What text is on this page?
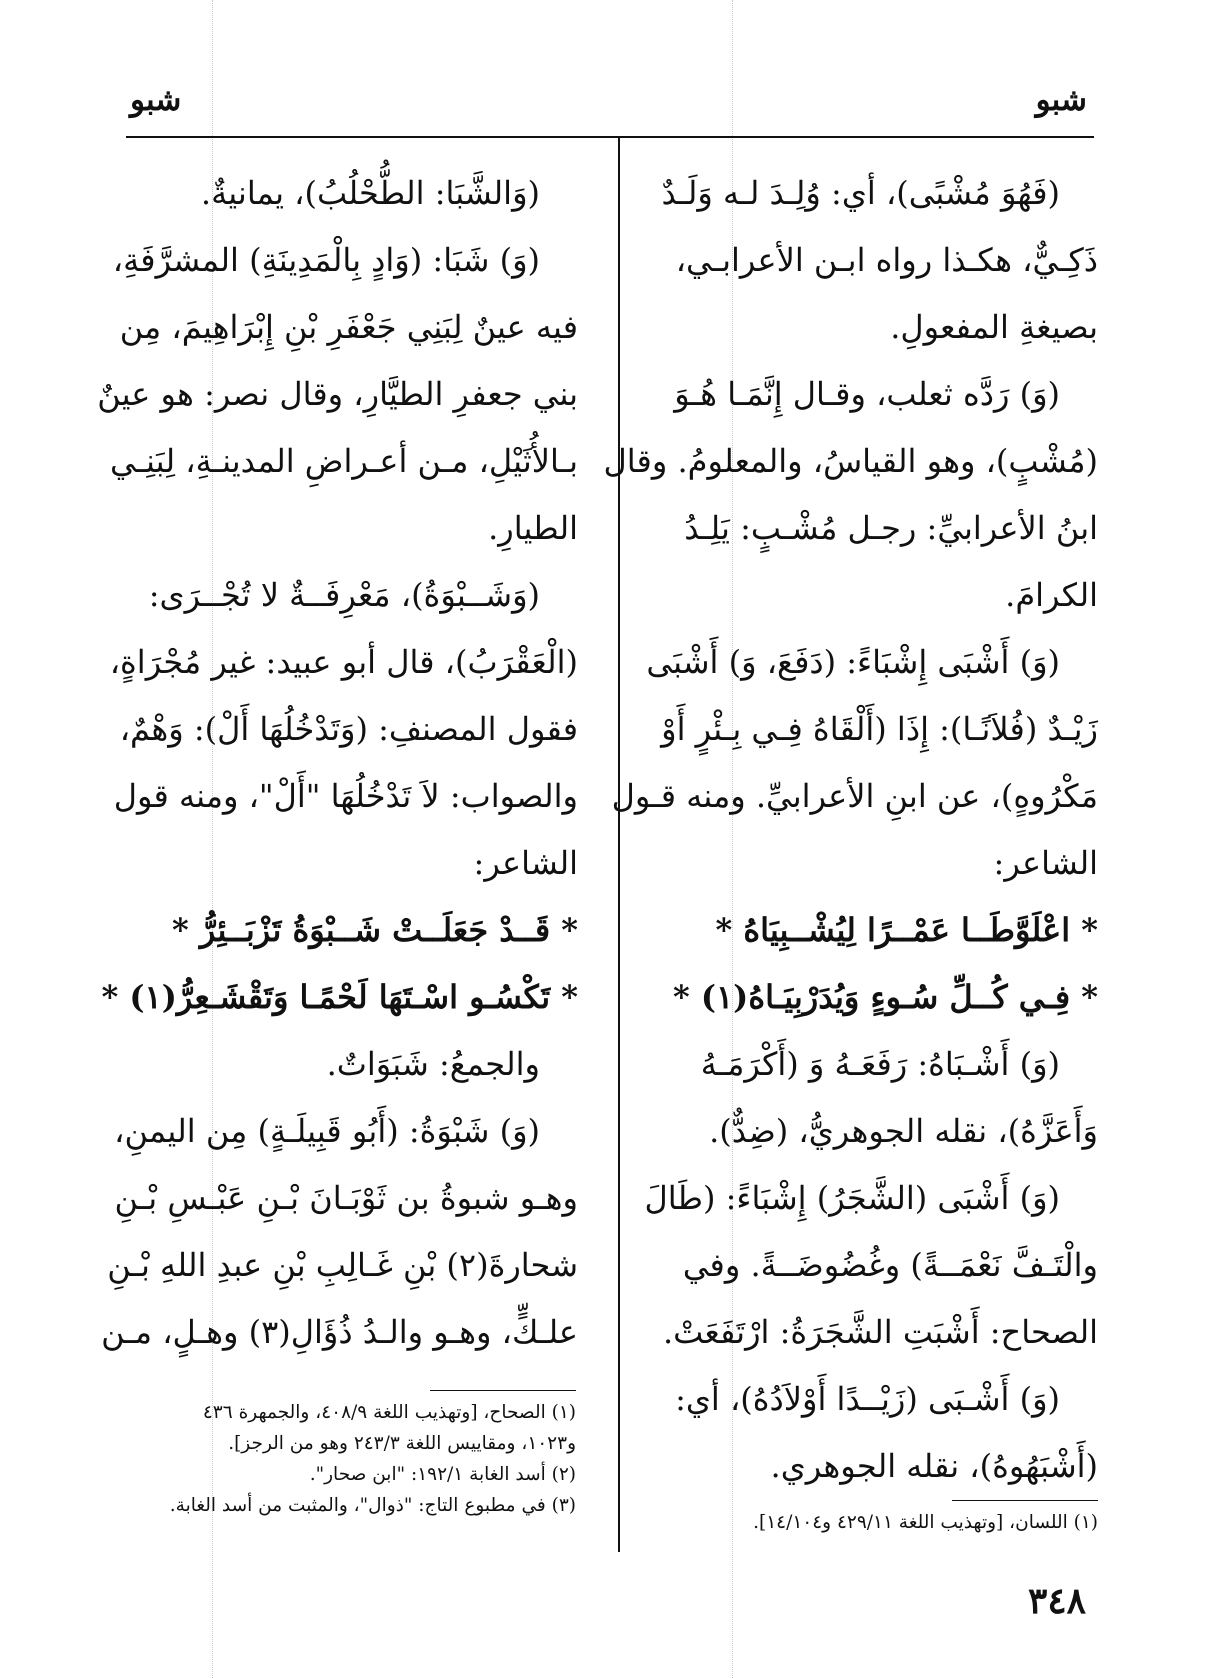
شبو
شبو
(فَهُوَ مُشْبًى)، أي: وُلِـدَ لـه وَلَـدٌ
ذَكِـيٌّ، هكـذا رواه ابـن الأعرابـي،
بصيغةِ المفعولِ.
(وَ) رَدَّه ثعلب، وقـال إِنَّمَـا هُـوَ
(مُشْبٍ)، وهو القياسُ، والمعلومُ. وقال
ابنُ الأعرابيِّ: رجـل مُشْـبٍ: يَلِـدُ
الكرامَ.
(وَ) أَشْبَى إِشْبَاءً: (دَفَعَ، وَ) أَشْبَى
زَيْـدٌ (فُلاَنًـا): إِذَا (أَلْقَاهُ فِـي بِـئْرٍ أَوْ
مَكْرُوهٍ)، عن ابنِ الأعرابيِّ. ومنه قـول
الشاعر:
* اعْلَوَّطَــا عَمْــرًا لِيُشْــبِيَاهُ *
* فِـي كُــلِّ سُـوءٍ وَيُدَرْبِيَـاهُ(١) *
(وَ) أَشْـبَاهُ: رَفَعَـهُ وَ (أَكْرَمَـهُ
وَأَعَزَّهُ)، نقله الجوهريُّ، (ضِدٌّ).
(وَ) أَشْبَى (الشَّجَرُ) إِشْبَاءً: (طَالَ
والْتَـفَّ نَعْمَــةً) وغُضُوضَــةً. وفي
الصحاح: أَشْبَتِ الشَّجَرَةُ: ارْتَفَعَتْ.
(وَ) أَشْـبَى (زَيْــدًا أَوْلاَدُهُ)، أي:
(أَشْبَهُوهُ)، نقله الجوهري.
(وَالشَّبَا: الطُّحْلُبُ)، يمانيةٌ.
(وَ) شَبَا: (وَادٍ بِالْمَدِينَةِ) المشرَّفَةِ،
فيه عينٌ لِبَنِي جَعْفَرِ بْنِ إِبْرَاهِيمَ، مِن
بني جعفرِ الطيَّارِ، وقال نصر: هو عينٌ
بـالأُثَيْلِ، مـن أعـراضِ المدينـةِ، لِبَنِـي
الطيارِ.
(وَشَــبْوَةُ)، مَعْرِفَــةٌ لا تُجْــرَى:
(الْعَقْرَبُ)، قال أبو عبيد: غير مُجْرَاةٍ،
فقول المصنفِ: (وَتَدْخُلُهَا أَلْ): وَهْمٌ،
والصواب: لاَ تَدْخُلُهَا "أَلْ"، ومنه قول
الشاعر:
* قَــدْ جَعَلَــتْ شَــبْوَةُ تَزْبَــئِرُّ *
* تَكْسُـو اسْـتَهَا لَحْمًـا وَتَقْشَـعِرُّ(١) *
والجمعُ: شَبَوَاتٌ.
(وَ) شَبْوَةُ: (أَبُو قَبِيلَـةٍ) مِن اليمنِ،
وهـو شبوةُ بن ثَوْبَـانَ بْـنِ عَبْـسِ بْـنِ
شحارةَ(٢) بْنِ غَـالِبِ بْنِ عبدِ اللهِ بْـنِ
علـكٍّ، وهـو والـدُ ذُؤَالِ(٣) وهـلٍ، مـن
(١) الصحاح، [وتهذيب اللغة ٤٠٨/٩، والجمهرة ٤٣٦
و١٠٢٣، ومقاييس اللغة ٢٤٣/٣ وهو من الرجز].
(٢) أسد الغابة ١٩٢/١: "ابن صحار".
(٣) في مطبوع التاج: "ذوال"، والمثبت من أسد الغابة.
(١) اللسان، [وتهذيب اللغة ٤٢٩/١١ و١٤/١٠٤].
٣٤٨
